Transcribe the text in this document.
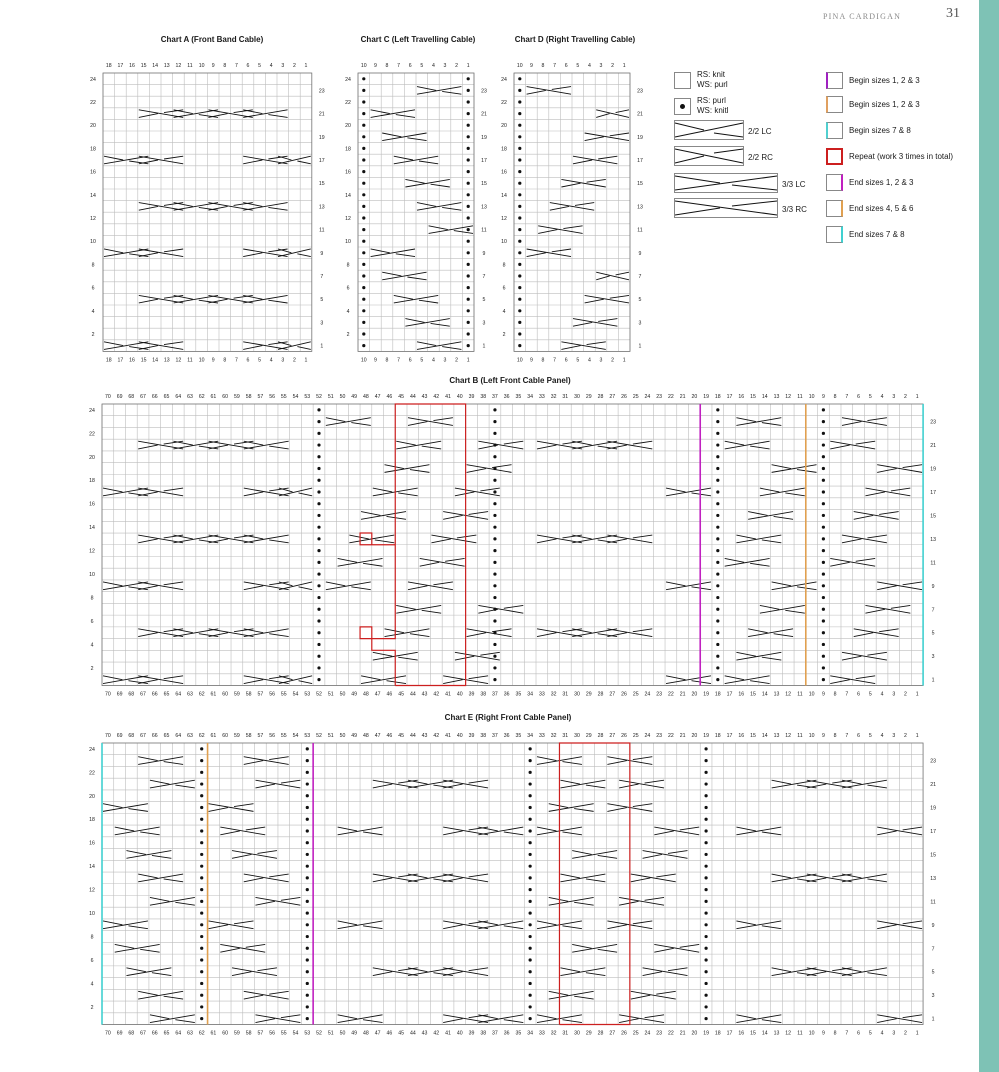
PINA CARDIGAN	31
Chart A (Front Band Cable)	Chart C (Left Travelling Cable)	Chart D (Right Travelling Cable)
Chart B (Left Front Cable Panel)
Chart E (Right Front Cable Panel)
18
18
17
17
16
16
15
15
14
14
13
13
12
12
11
11
10
10
9
9
8
8
7
7
6
6
5
5
4
4
3
3
2
2
1
1
1
2
3
4
5
6
7
8
9
10
11
12
13
14
15
16
17
18
19
20
21
22
23
24
10
10
9
9
8
8
7
7
6
6
5
5
4
4
3
3
2
2
1
1
1
2
3
4
5
6
7
8
9
10
11
12
13
14
15
16
17
18
19
20
21
22
23
24
10
10
9
9
8
8
7
7
6
6
5
5
4
4
3
3
2
2
1
1
1
2
3
4
5
6
7
8
9
10
11
12
13
14
15
16
17
18
19
20
21
22
23
24
70
70
69
69
68
68
67
67
66
66
65
65
64
64
63
63
62
62
61
61
60
60
59
59
58
58
57
57
56
56
55
55
54
54
53
53
52
52
51
51
50
50
49
49
48
48
47
47
46
46
45
45
44
44
43
43
42
42
41
41
40
40
39
39
38
38
37
37
36
36
35
35
34
34
33
33
32
32
31
31
30
30
29
29
28
28
27
27
26
26
25
25
24
24
23
23
22
22
21
21
20
20
19
19
18
18
17
17
16
16
15
15
14
14
13
13
12
12
11
11
10
10
9
9
8
8
7
7
6
6
5
5
4
4
3
3
2
2
1
1
1
2
3
4
5
6
7
8
9
10
11
12
13
14
15
16
17
18
19
20
21
22
23
24
70
70
69
69
68
68
67
67
66
66
65
65
64
64
63
63
62
62
61
61
60
60
59
59
58
58
57
57
56
56
55
55
54
54
53
53
52
52
51
51
50
50
49
49
48
48
47
47
46
46
45
45
44
44
43
43
42
42
41
41
40
40
39
39
38
38
37
37
36
36
35
35
34
34
33
33
32
32
31
31
30
30
29
29
28
28
27
27
26
26
25
25
24
24
23
23
22
22
21
21
20
20
19
19
18
18
17
17
16
16
15
15
14
14
13
13
12
12
11
11
10
10
9
9
8
8
7
7
6
6
5
5
4
4
3
3
2
2
1
1
1
2
3
4
5
6
7
8
9
10
11
12
13
14
15
16
17
18
19
20
21
22
23
24
RS: knit
WS: purl
RS: purl
WS: knitl
2/2 LC
2/2 RC
3/3 LC
3/3 RC
Begin sizes 1, 2 & 3
Begin sizes 1, 2 & 3
Begin sizes 7 & 8
Repeat (work 3 times in total)
End sizes 1, 2 & 3
End sizes 4, 5 & 6
End sizes 7 & 8
